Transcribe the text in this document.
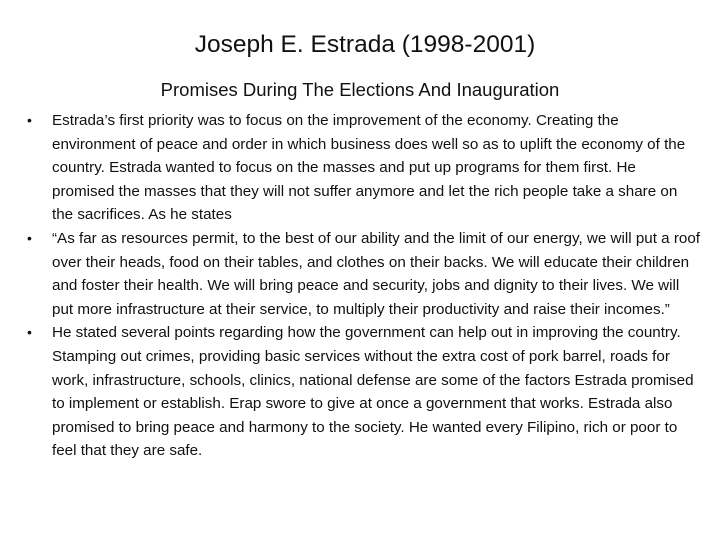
Joseph E. Estrada (1998-2001)
Promises During The Elections And Inauguration
•	Estrada’s first priority was to focus on the improvement of the economy. Creating the environment of peace and order in which business does well so as to uplift the economy of the country. Estrada wanted to focus on the masses and put up programs for them first. He promised the masses that they will not suffer anymore and let the rich people take a share on the sacrifices. As he states
•	“As far as resources permit, to the best of our ability and the limit of our energy, we will put a roof over their heads, food on their tables, and clothes on their backs. We will educate their children and foster their health. We will bring peace and security, jobs and dignity to their lives. We will put more infrastructure at their service, to multiply their productivity and raise their incomes.”
•	He stated several points regarding how the government can help out in improving the country. Stamping out crimes, providing basic services without the extra cost of pork barrel, roads for work, infrastructure, schools, clinics, national defense are some of the factors Estrada promised to implement or establish. Erap swore to give at once a government that works. Estrada also promised to bring peace and harmony to the society. He wanted every Filipino, rich or poor to feel that they are safe.
